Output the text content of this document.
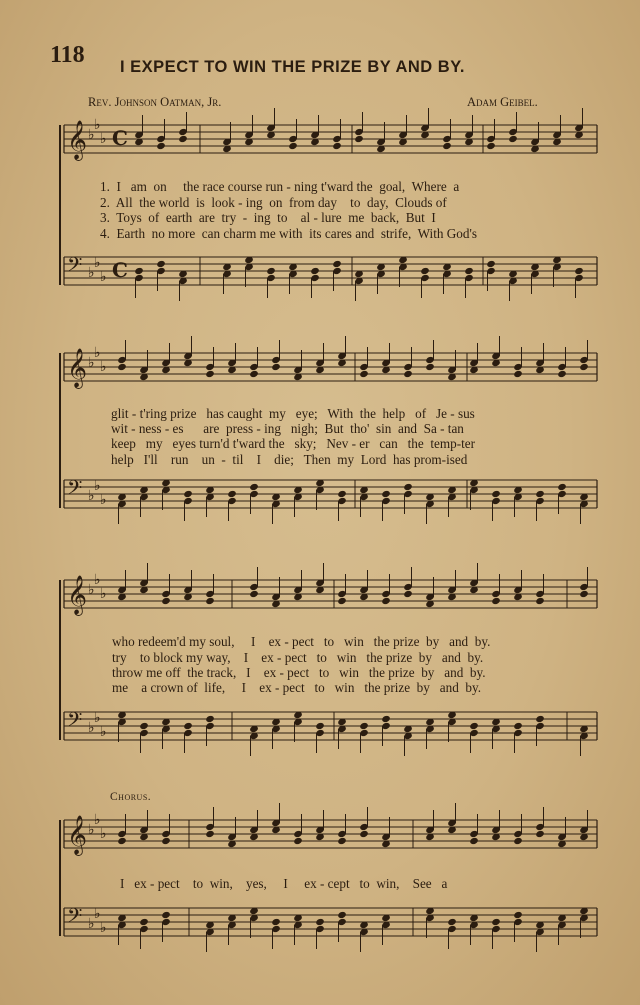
118 I EXPECT TO WIN THE PRIZE BY AND BY.
Rev. Johnson Oatman, Jr.	Adam Geibel.
𝄞 ♭
♭
♭ C
𝄢 ♭
♭
♭ C
𝄞 ♭
♭
♭
𝄢 ♭
♭
♭
𝄞 ♭
♭
♭
𝄢 ♭
♭
♭
𝄞 ♭
♭
♭
𝄢 ♭
♭
♭
1.  I   am  on     the race course run - ning t'ward the  goal,  Where  a
2.  All  the world  is  look - ing  on  from day    to  day,  Clouds of
3.  Toys  of  earth  are  try  -  ing  to    al - lure  me  back,  But  I
4.  Earth  no more  can charm me with  its cares and  strife,  With God's
glit - t'ring prize   has caught  my   eye;   With  the  help   of   Je - sus
wit - ness - es      are  press - ing   nigh;  But  tho'  sin  and  Sa - tan
keep   my   eyes turn'd t'ward the   sky;   Nev - er   can   the  temp-ter
help   I'll    run    un  -  til    I    die;   Then  my  Lord  has prom-ised
who redeem'd my soul,     I    ex - pect   to   win   the prize  by   and  by.
try    to block my way,    I    ex - pect   to   win   the prize  by   and  by.
throw me off  the track,   I    ex - pect   to   win   the prize  by   and  by.
me    a crown of  life,     I    ex - pect   to   win   the prize  by   and  by.
Chorus.
I   ex - pect    to  win,    yes,     I     ex - cept   to  win,    See   a
